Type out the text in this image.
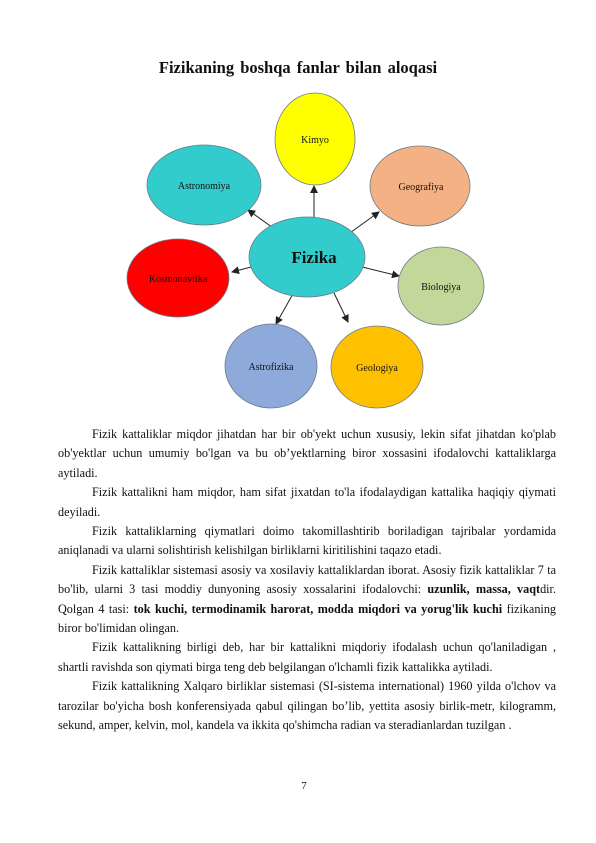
Fizikaning boshqa fanlar bilan aloqasi
Kimyo
Astronomiya	Geografiya
Kosmonavtika
Biologiya
Astrofizika	Geologiya
Fizika

Fizik kattaliklar miqdor jihatdan har bir ob'yekt uchun xususiy, lekin sifat jihatdan ko'plab ob'yektlar uchun umumiy bo'lgan va bu ob’yektlarning biror xossasini ifodalovchi kattaliklarga aytiladi.

Fizik kattalikni ham miqdor, ham sifat jixatdan to'la ifodalaydigan kattalika haqiqiy qiymati deyiladi.

Fizik kattaliklarning qiymatlari doimo takomillashtirib boriladigan tajribalar yordamida aniqlanadi va ularni solishtirish kelishilgan birliklarni kiritilishini taqazo etadi.

Fizik kattaliklar sistemasi asosiy va xosilaviy kattaliklardan iborat. Asosiy fizik kattaliklar 7 ta bo'lib, ularni 3 tasi moddiy dunyoning asosiy xossalarini ifodalovchi: uzunlik, massa, vaqtdir. Qolgan 4 tasi: tok kuchi, termodinamik harorat, modda miqdori va yorug'lik kuchi fizikaning biror bo'limidan olingan.

Fizik kattalikning birligi deb, har bir kattalikni miqdoriy ifodalash uchun qo'laniladigan , shartli ravishda son qiymati birga teng deb belgilangan o'lchamli fizik kattalikka aytiladi.

Fizik kattalikning Xalqaro birliklar sistemasi (SI-sistema international) 1960 yilda o'lchov va tarozilar bo'yicha bosh konferensiyada qabul qilingan bo’lib, yettita asosiy birlik-metr, kilogramm, sekund, amper, kelvin, mol, kandela va ikkita qo'shimcha radian va steradianlardan tuzilgan .

7
